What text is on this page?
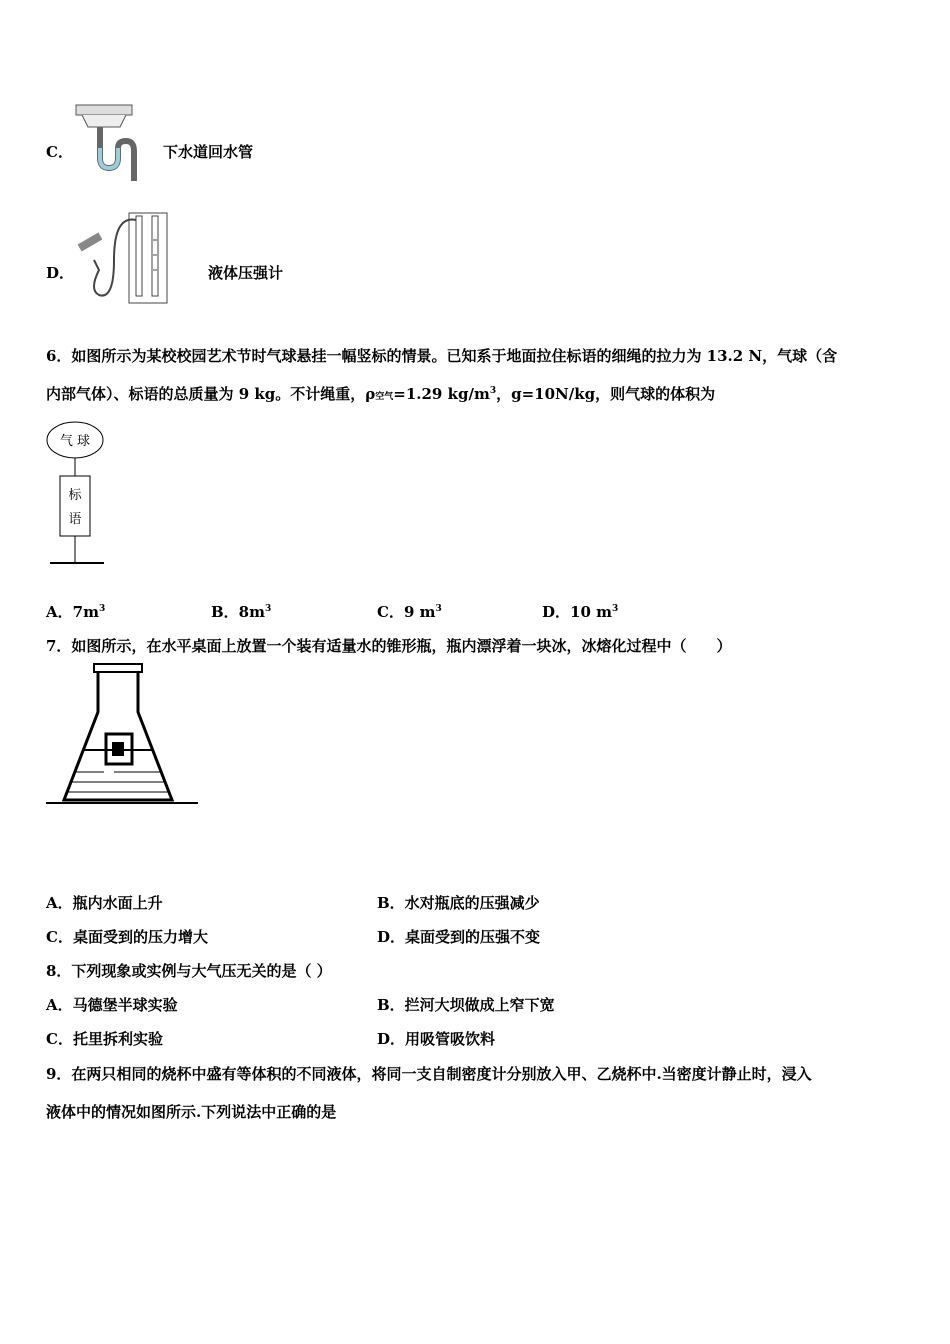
C．	下水道回水管
D．	液体压强计
6．如图所示为某校校园艺术节时气球悬挂一幅竖标的情景。已知系于地面拉住标语的细绳的拉力为 13.2 N，气球（含
内部气体）、标语的总质量为 9 kg。不计绳重，ρ空气=1.29 $kg/m^3$，g=10N/kg，则气球的体积为
气 球
标
语
A．$7m^3$	B．$8m^3$	C．9 $m^3$	D．10 $m^3$
7．如图所示，在水平桌面上放置一个装有适量水的锥形瓶，瓶内漂浮着一块冰，冰熔化过程中（　　）
A．瓶内水面上升	B．水对瓶底的压强减少
C．桌面受到的压力增大	D．桌面受到的压强不变
8．下列现象或实例与大气压无关的是（ ）
A．马德堡半球实验	B．拦河大坝做成上窄下宽
C．托里拆利实验	D．用吸管吸饮料
9．在两只相同的烧杯中盛有等体积的不同液体，将同一支自制密度计分别放入甲、乙烧杯中.当密度计静止时，浸入
液体中的情况如图所示.下列说法中正确的是
